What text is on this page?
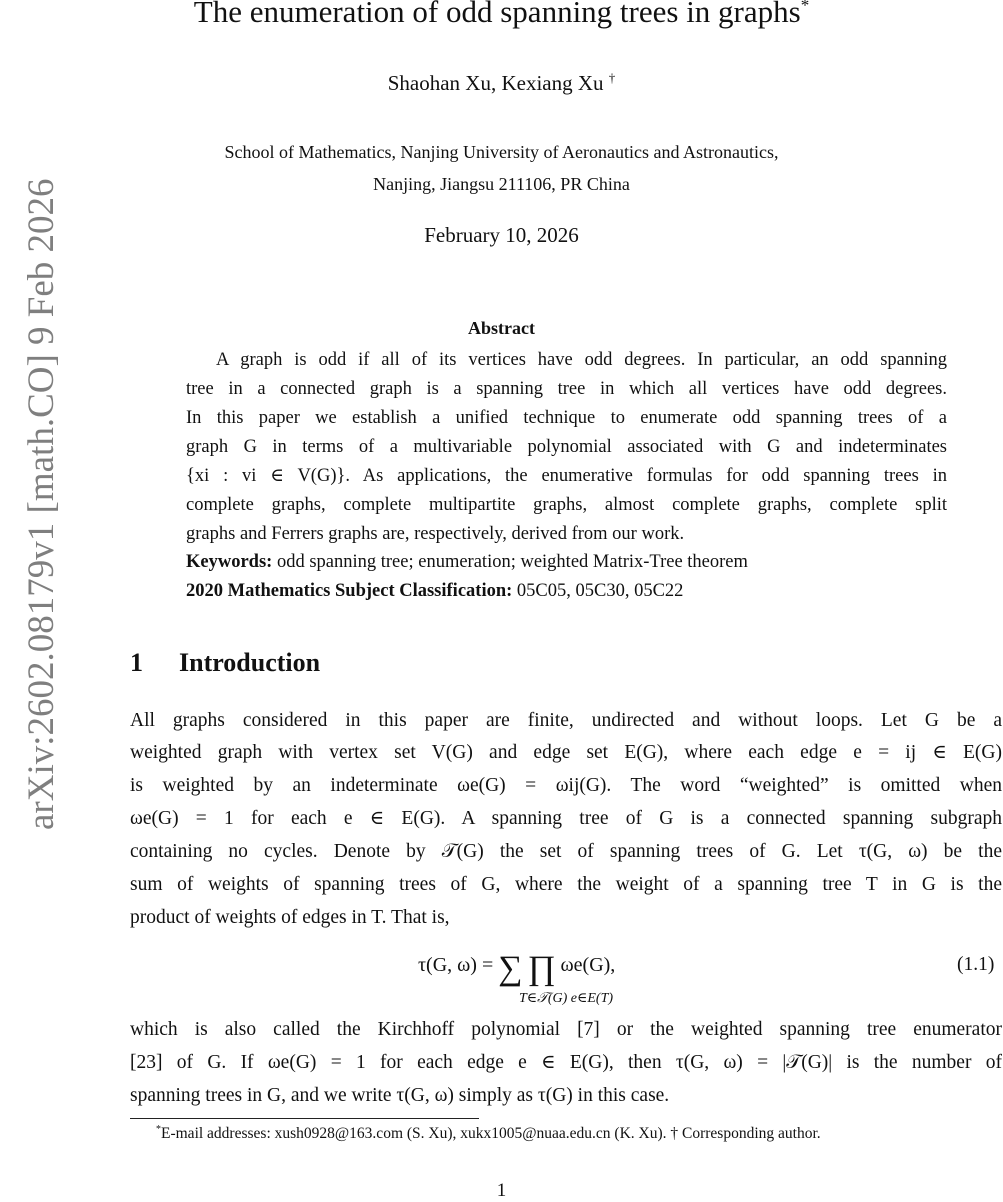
arXiv:2602.08179v1 [math.CO] 9 Feb 2026
The enumeration of odd spanning trees in graphs*
Shaohan Xu, Kexiang Xu †
School of Mathematics, Nanjing University of Aeronautics and Astronautics,
Nanjing, Jiangsu 211106, PR China
February 10, 2026
Abstract
A graph is odd if all of its vertices have odd degrees. In particular, an odd spanning
tree in a connected graph is a spanning tree in which all vertices have odd degrees.
In this paper we establish a unified technique to enumerate odd spanning trees of a
graph G in terms of a multivariable polynomial associated with G and indeterminates
{xi : vi ∈ V(G)}. As applications, the enumerative formulas for odd spanning trees in
complete graphs, complete multipartite graphs, almost complete graphs, complete split
graphs and Ferrers graphs are, respectively, derived from our work.
Keywords: odd spanning tree; enumeration; weighted Matrix-Tree theorem
2020 Mathematics Subject Classification: 05C05, 05C30, 05C22
1 Introduction
All graphs considered in this paper are finite, undirected and without loops. Let G be a
weighted graph with vertex set V(G) and edge set E(G), where each edge e = ij ∈ E(G)
is weighted by an indeterminate ωe(G) = ωij(G). The word “weighted” is omitted when
ωe(G) = 1 for each e ∈ E(G). A spanning tree of G is a connected spanning subgraph
containing no cycles. Denote by 𝒯(G) the set of spanning trees of G. Let τ(G, ω) be the
sum of weights of spanning trees of G, where the weight of a spanning tree T in G is the
product of weights of edges in T. That is,
τ(G, ω) = ∑ ∏ ωe(G),
T∈𝒯(G) e∈E(T)
(1.1)
which is also called the Kirchhoff polynomial [7] or the weighted spanning tree enumerator
[23] of G. If ωe(G) = 1 for each edge e ∈ E(G), then τ(G, ω) = |𝒯(G)| is the number of
spanning trees in G, and we write τ(G, ω) simply as τ(G) in this case.
*E-mail addresses: xush0928@163.com (S. Xu), xukx1005@nuaa.edu.cn (K. Xu). † Corresponding author.
1
